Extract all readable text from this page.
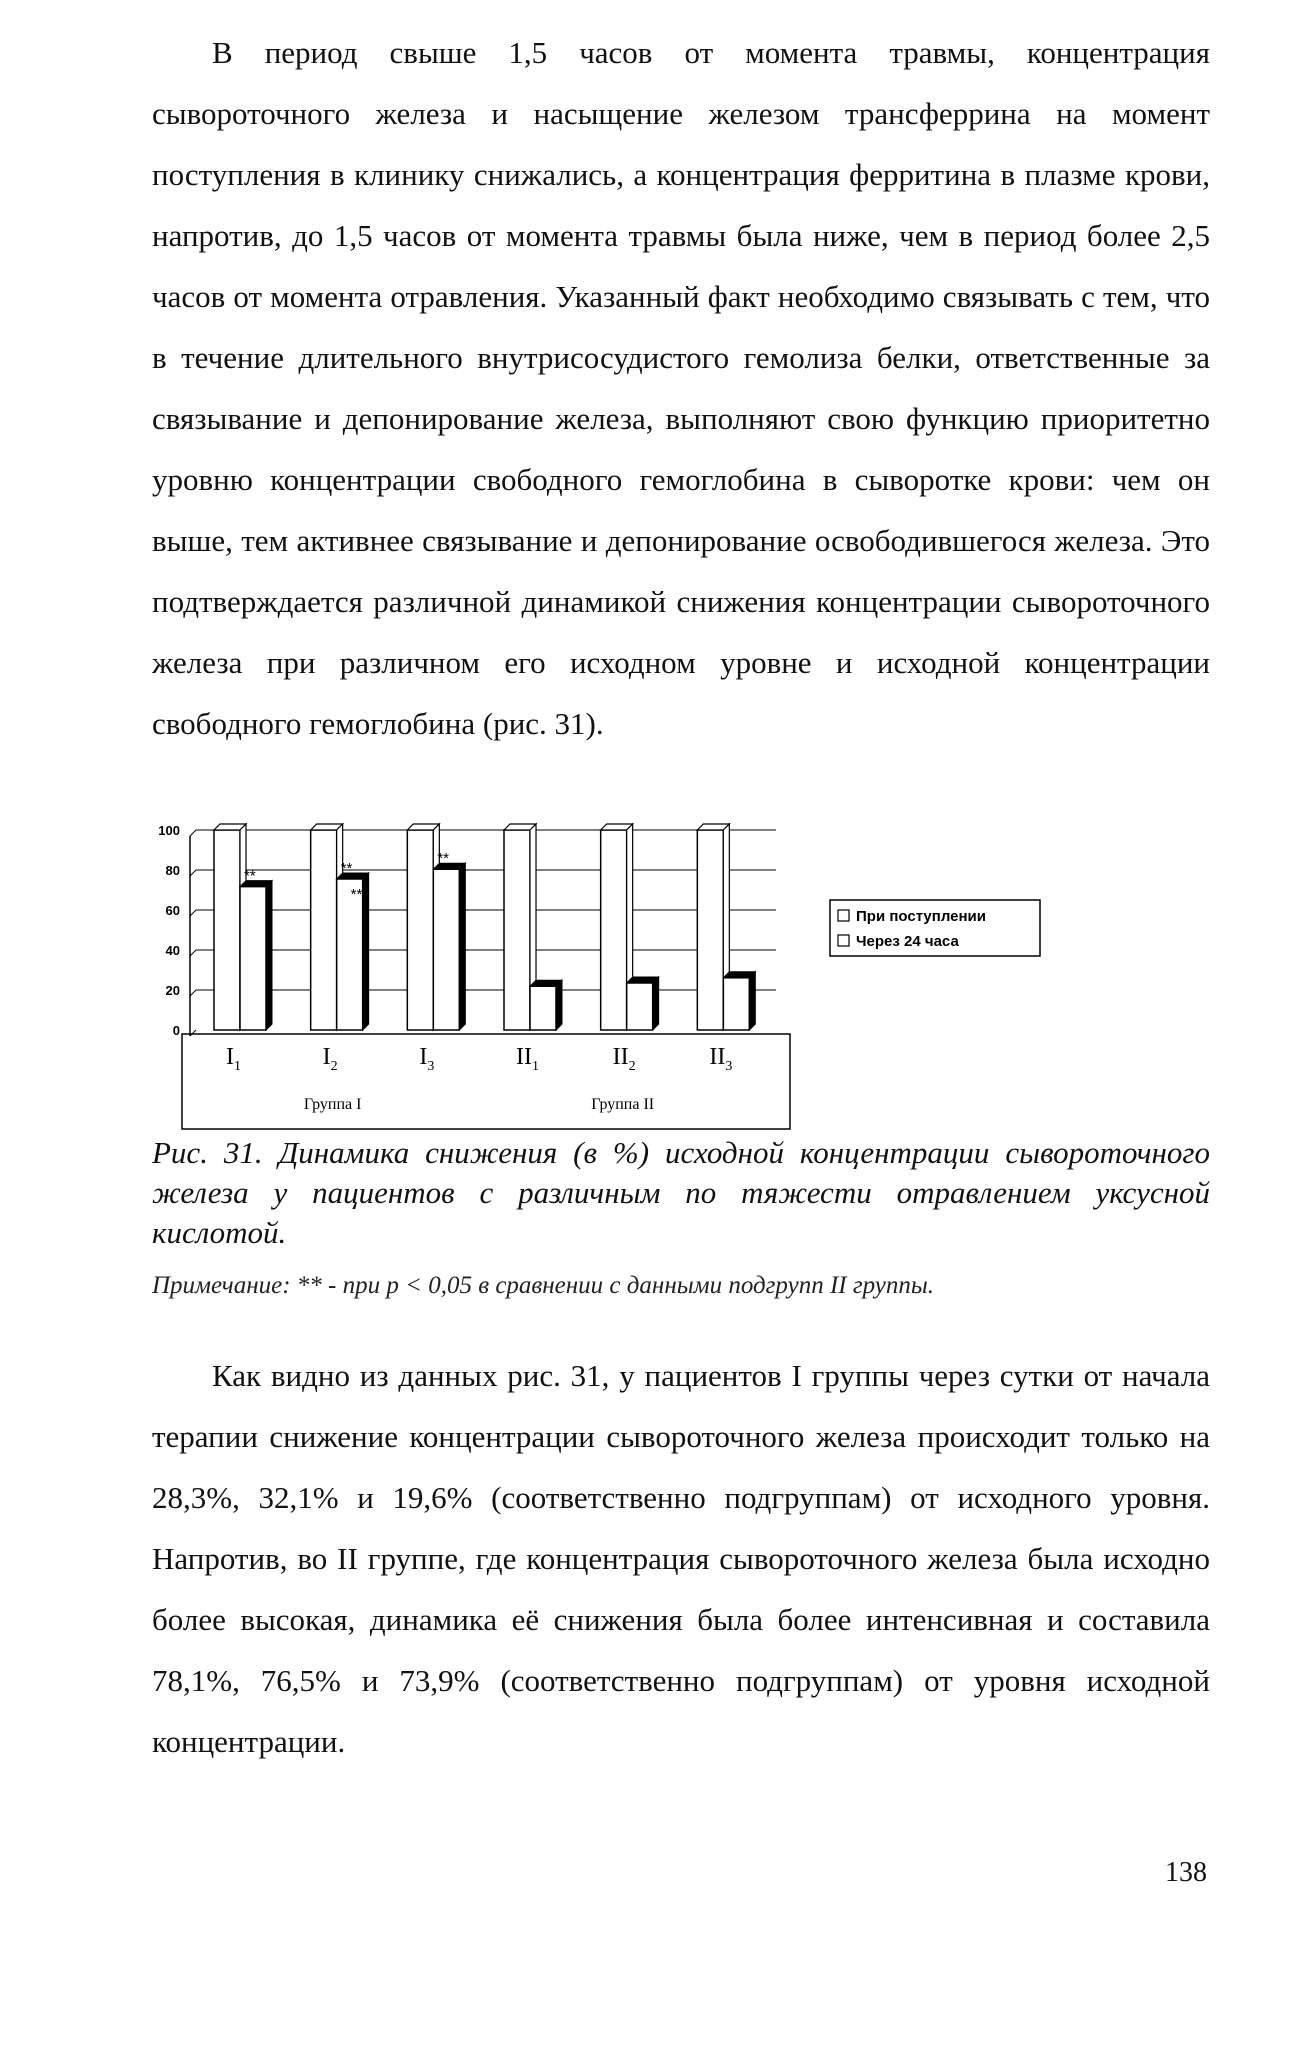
В период свыше 1,5 часов от момента травмы, концентрация сывороточного железа и насыщение железом трансферрина на момент поступления в клинику снижались, а концентрация ферритина в плазме крови, напротив, до 1,5 часов от момента травмы была ниже, чем в период более 2,5 часов от момента отравления. Указанный факт необходимо связывать с тем, что в течение длительного внутрисосудистого гемолиза белки, ответственные за связывание и депонирование железа, выполняют свою функцию приоритетно уровню концентрации свободного гемоглобина в сыворотке крови: чем он выше, тем активнее связывание и депонирование освободившегося железа. Это подтверждается различной динамикой снижения концентрации сывороточного железа при различном его исходном уровне и исходной концентрации свободного гемоглобина (рис. 31).

0
20
40
60
80
100
**	**
**
**
$I_1$	$I_2$	$I_3$	$II_1$	$II_2$	$II_3$
Группа I	Группа II
При поступлении
Через 24 часа

Рис. 31. Динамика снижения (в %) исходной концентрации сывороточного железа у пациентов с различным по тяжести отравлением уксусной кислотой.

Примечание: ** - при p < 0,05 в сравнении с данными подгрупп II группы.

Как видно из данных рис. 31, у пациентов I группы через сутки от начала терапии снижение концентрации сывороточного железа происходит только на 28,3%, 32,1% и 19,6% (соответственно подгруппам) от исходного уровня. Напротив, во II группе, где концентрация сывороточного железа была исходно более высокая, динамика её снижения была более интенсивная и составила 78,1%, 76,5% и 73,9% (соответственно подгруппам) от уровня исходной концентрации.

138
